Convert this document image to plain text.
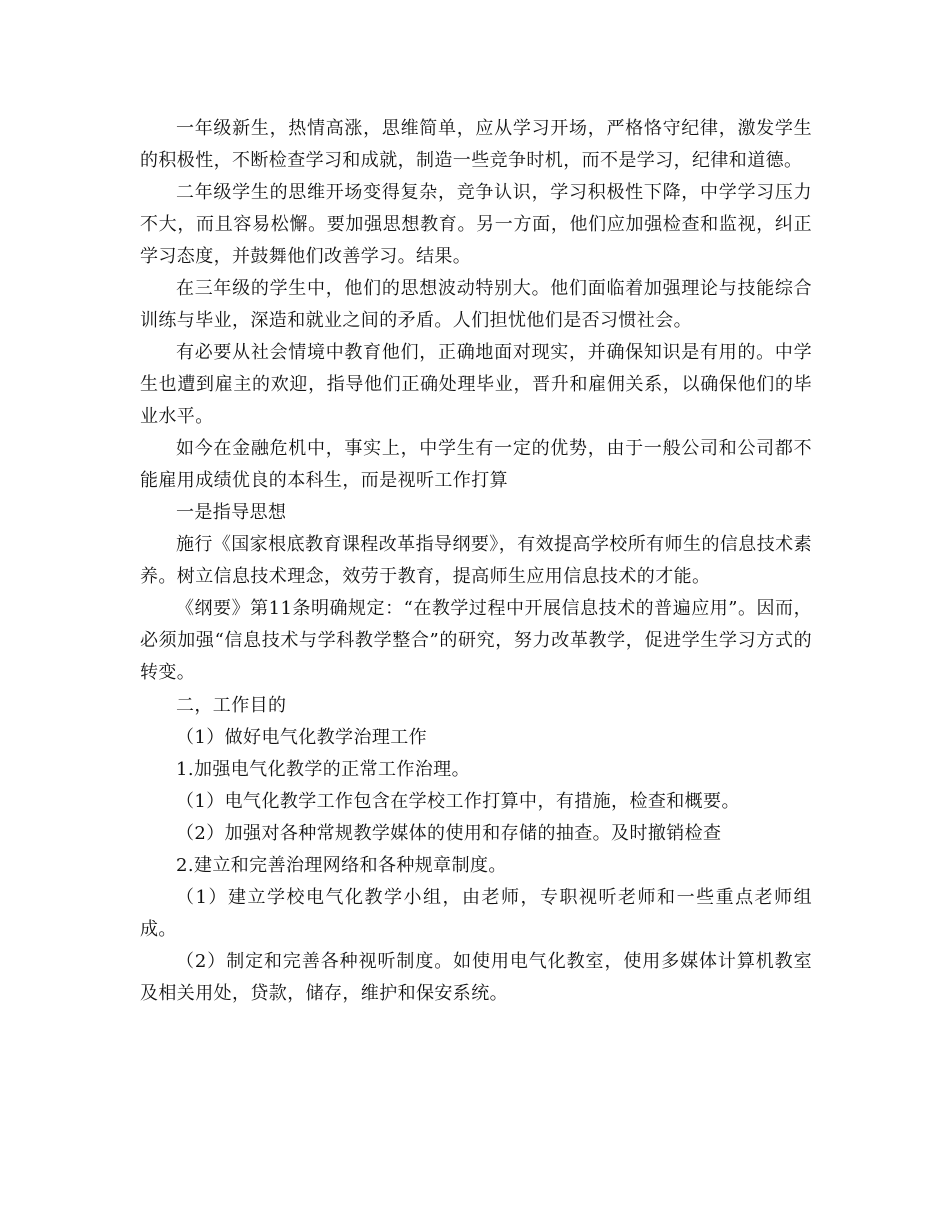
一年级新生，热情高涨，思维简单，应从学习开场，严格恪守纪律，激发学生的积极性，不断检查学习和成就，制造一些竞争时机，而不是学习，纪律和道德。

二年级学生的思维开场变得复杂，竞争认识，学习积极性下降，中学学习压力不大，而且容易松懈。要加强思想教育。另一方面，他们应加强检查和监视，纠正学习态度，并鼓舞他们改善学习。结果。

在三年级的学生中，他们的思想波动特别大。他们面临着加强理论与技能综合训练与毕业，深造和就业之间的矛盾。人们担忧他们是否习惯社会。

有必要从社会情境中教育他们，正确地面对现实，并确保知识是有用的。中学生也遭到雇主的欢迎，指导他们正确处理毕业，晋升和雇佣关系，以确保他们的毕业水平。

如今在金融危机中，事实上，中学生有一定的优势，由于一般公司和公司都不能雇用成绩优良的本科生，而是视听工作打算

一是指导思想

施行《国家根底教育课程改革指导纲要》，有效提高学校所有师生的信息技术素养。树立信息技术理念，效劳于教育，提高师生应用信息技术的才能。

《纲要》第11条明确规定：“在教学过程中开展信息技术的普遍应用”。因而，必须加强“信息技术与学科教学整合”的研究，努力改革教学，促进学生学习方式的转变。

二，工作目的

（1）做好电气化教学治理工作

1.加强电气化教学的正常工作治理。

（1）电气化教学工作包含在学校工作打算中，有措施，检查和概要。

（2）加强对各种常规教学媒体的使用和存储的抽查。及时撤销检查

2.建立和完善治理网络和各种规章制度。

（1）建立学校电气化教学小组，由老师，专职视听老师和一些重点老师组成。

（2）制定和完善各种视听制度。如使用电气化教室，使用多媒体计算机教室及相关用处，贷款，储存，维护和保安系统。
